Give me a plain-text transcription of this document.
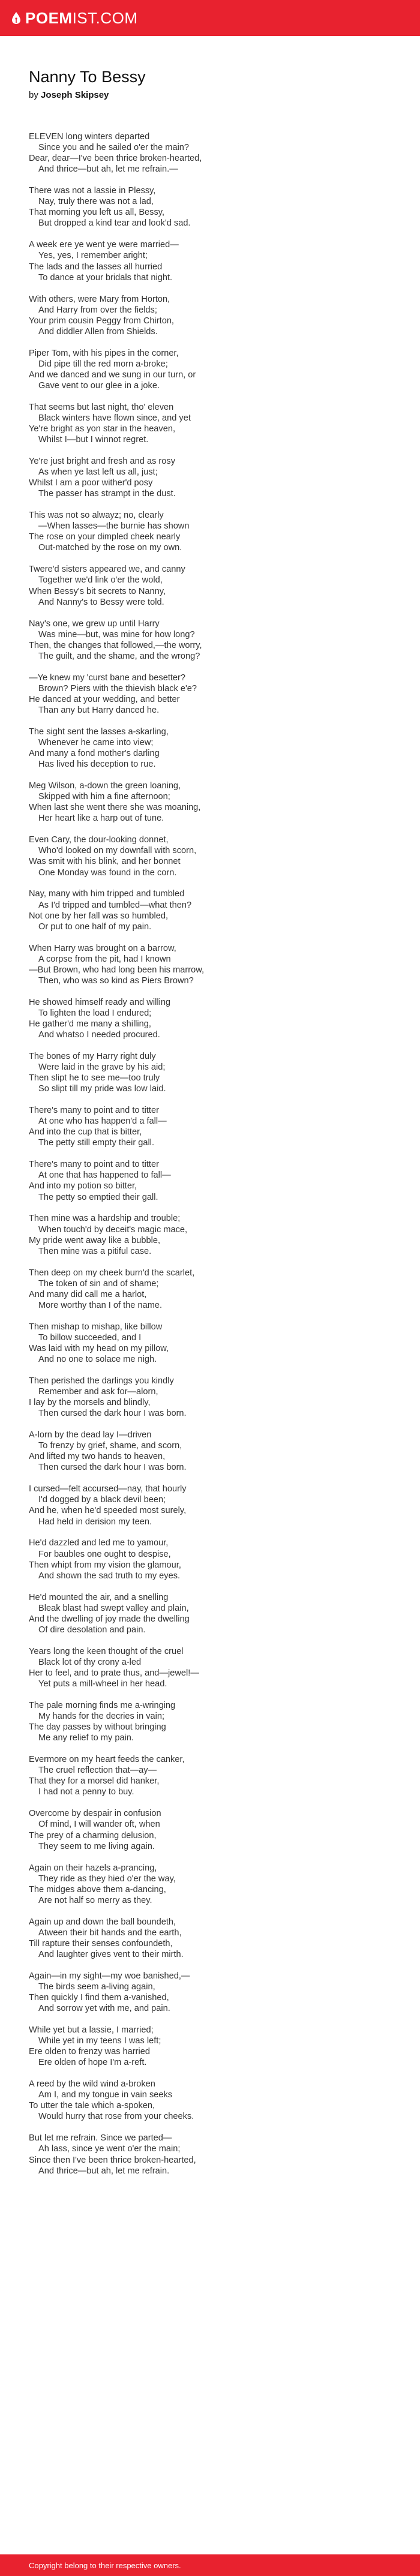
POEMIST.COM
Nanny To Bessy
by Joseph Skipsey
ELEVEN long winters departed
Since you and he sailed o'er the main?
Dear, dear—I've been thrice broken-hearted,
And thrice—but ah, let me refrain.—
There was not a lassie in Plessy,
Nay, truly there was not a lad,
That morning you left us all, Bessy,
But dropped a kind tear and look'd sad.
A week ere ye went ye were married—
Yes, yes, I remember aright;
The lads and the lasses all hurried
To dance at your bridals that night.
With others, were Mary from Horton,
And Harry from over the fields;
Your prim cousin Peggy from Chirton,
And diddler Allen from Shields.
Piper Tom, with his pipes in the corner,
Did pipe till the red morn a-broke;
And we danced and we sung in our turn, or
Gave vent to our glee in a joke.
That seems but last night, tho' eleven
Black winters have flown since, and yet
Ye're bright as yon star in the heaven,
Whilst I—but I winnot regret.
Ye're just bright and fresh and as rosy
As when ye last left us all, just;
Whilst I am a poor wither'd posy
The passer has strampt in the dust.
This was not so alwayz; no, clearly
—When lasses—the burnie has shown
The rose on your dimpled cheek nearly
Out-matched by the rose on my own.
Twere'd sisters appeared we, and canny
Together we'd link o'er the wold,
When Bessy's bit secrets to Nanny,
And Nanny's to Bessy were told.
Nay's one, we grew up until Harry
Was mine—but, was mine for how long?
Then, the changes that followed,—the worry,
The guilt, and the shame, and the wrong?
—Ye knew my 'curst bane and besetter?
Brown? Piers with the thievish black e'e?
He danced at your wedding, and better
Than any but Harry danced he.
The sight sent the lasses a-skarling,
Whenever he came into view;
And many a fond mother's darling
Has lived his deception to rue.
Meg Wilson, a-down the green loaning,
Skipped with him a fine afternoon;
When last she went there she was moaning,
Her heart like a harp out of tune.
Even Cary, the dour-looking donnet,
Who'd looked on my downfall with scorn,
Was smit with his blink, and her bonnet
One Monday was found in the corn.
Nay, many with him tripped and tumbled
As I'd tripped and tumbled—what then?
Not one by her fall was so humbled,
Or put to one half of my pain.
When Harry was brought on a barrow,
A corpse from the pit, had I known
—But Brown, who had long been his marrow,
Then, who was so kind as Piers Brown?
He showed himself ready and willing
To lighten the load I endured;
He gather'd me many a shilling,
And whatso I needed procured.
The bones of my Harry right duly
Were laid in the grave by his aid;
Then slipt he to see me—too truly
So slipt till my pride was low laid.
There's many to point and to titter
At one who has happen'd a fall—
And into the cup that is bitter,
The petty still empty their gall.
There's many to point and to titter
At one that has happened to fall—
And into my potion so bitter,
The petty so emptied their gall.
Then mine was a hardship and trouble;
When touch'd by deceit's magic mace,
My pride went away like a bubble,
Then mine was a pitiful case.
Then deep on my cheek burn'd the scarlet,
The token of sin and of shame;
And many did call me a harlot,
More worthy than I of the name.
Then mishap to mishap, like billow
To billow succeeded, and I
Was laid with my head on my pillow,
And no one to solace me nigh.
Then perished the darlings you kindly
Remember and ask for—alorn,
I lay by the morsels and blindly,
Then cursed the dark hour I was born.
A-lorn by the dead lay I—driven
To frenzy by grief, shame, and scorn,
And lifted my two hands to heaven,
Then cursed the dark hour I was born.
I cursed—felt accursed—nay, that hourly
I'd dogged by a black devil been;
And he, when he'd speeded most surely,
Had held in derision my teen.
He'd dazzled and led me to yamour,
For baubles one ought to despise,
Then whipt from my vision the glamour,
And shown the sad truth to my eyes.
He'd mounted the air, and a snelling
Bleak blast had swept valley and plain,
And the dwelling of joy made the dwelling
Of dire desolation and pain.
Years long the keen thought of the cruel
Black lot of thy crony a-led
Her to feel, and to prate thus, and—jewel!—
Yet puts a mill-wheel in her head.
The pale morning finds me a-wringing
My hands for the decries in vain;
The day passes by without bringing
Me any relief to my pain.
Evermore on my heart feeds the canker,
The cruel reflection that—ay—
That they for a morsel did hanker,
I had not a penny to buy.
Overcome by despair in confusion
Of mind, I will wander oft, when
The prey of a charming delusion,
They seem to me living again.
Again on their hazels a-prancing,
They ride as they hied o'er the way,
The midges above them a-dancing,
Are not half so merry as they.
Again up and down the ball boundeth,
Atween their bit hands and the earth,
Till rapture their senses confoundeth,
And laughter gives vent to their mirth.
Again—in my sight—my woe banished,—
The birds seem a-living again,
Then quickly I find them a-vanished,
And sorrow yet with me, and pain.
While yet but a lassie, I married;
While yet in my teens I was left;
Ere olden to frenzy was harried
Ere olden of hope I'm a-reft.
A reed by the wild wind a-broken
Am I, and my tongue in vain seeks
To utter the tale which a-spoken,
Would hurry that rose from your cheeks.
But let me refrain. Since we parted—
Ah lass, since ye went o'er the main;
Since then I've been thrice broken-hearted,
And thrice—but ah, let me refrain.
Copyright belong to their respective owners.
